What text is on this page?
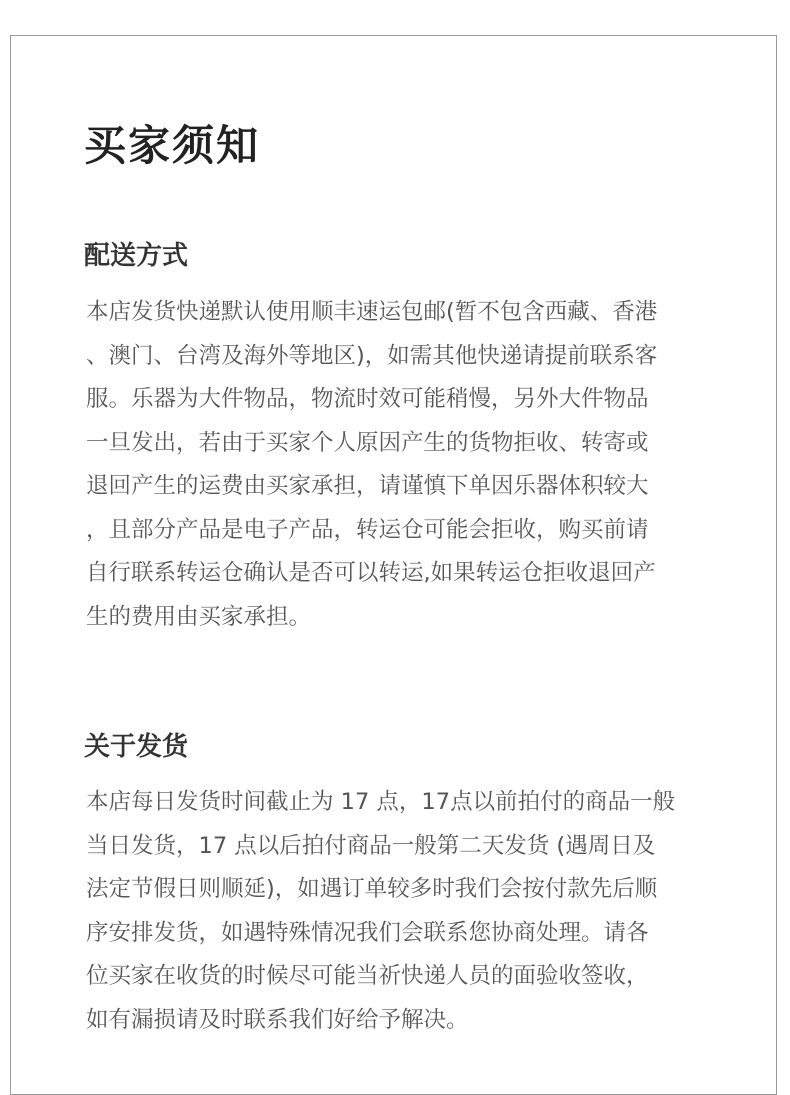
买家须知
配送方式
本店发货快递默认使用顺丰速运包邮(暂不包含西藏、香港
、澳门、台湾及海外等地区)，如需其他快递请提前联系客
服。乐器为大件物品，物流时效可能稍慢，另外大件物品
一旦发出，若由于买家个人原因产生的货物拒收、转寄或
退回产生的运费由买家承担，请谨慎下单因乐器体积较大
，且部分产品是电子产品，转运仓可能会拒收，购买前请
自行联系转运仓确认是否可以转运,如果转运仓拒收退回产
生的费用由买家承担。
关于发货
本店每日发货时间截止为 17 点，17点以前拍付的商品一般
当日发货，17 点以后拍付商品一般第二天发货 (遇周日及
法定节假日则顺延)，如遇订单较多时我们会按付款先后顺
序安排发货，如遇特殊情况我们会联系您协商处理。请各
位买家在收货的时候尽可能当祈快递人员的面验收签收，
如有漏损请及时联系我们好给予解决。
